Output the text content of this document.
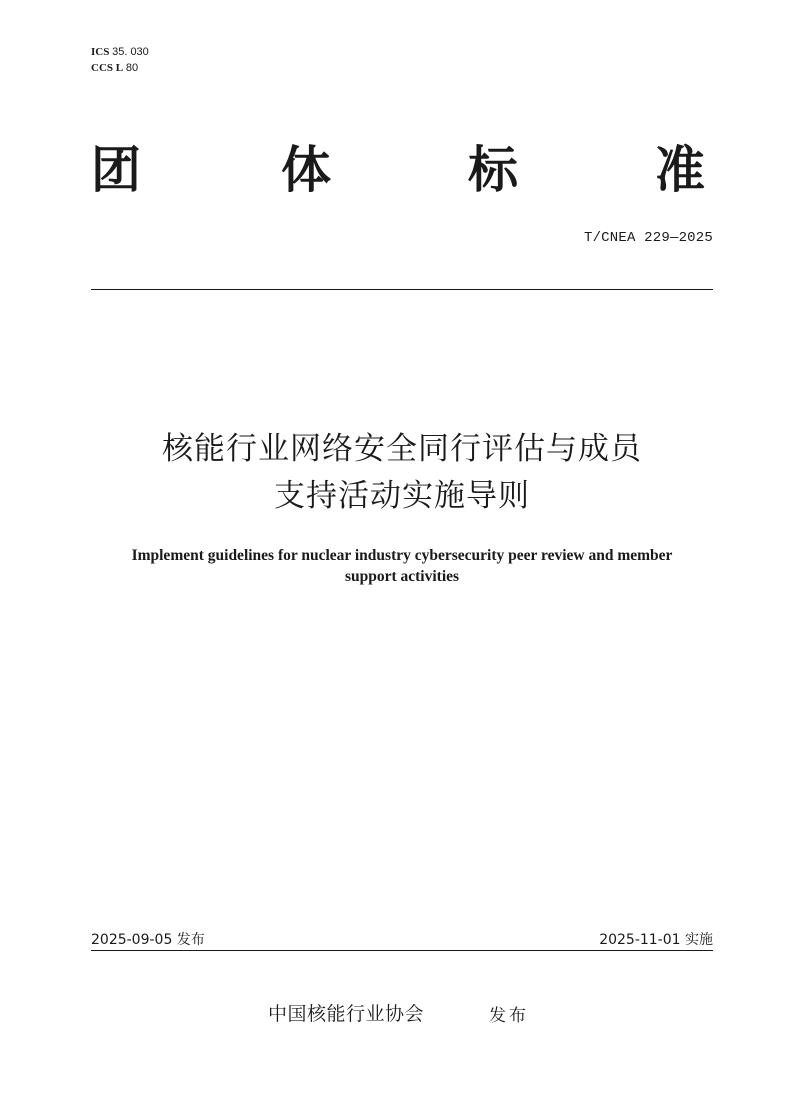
ICS 35. 030
CCS L 80
团	体	标	准
T/CNEA 229—2025
核能行业网络安全同行评估与成员
支持活动实施导则
Implement guidelines for nuclear industry cybersecurity peer review and member
support activities
2025-09-05 发布	2025-11-01 实施
中国核能行业协会	发布
